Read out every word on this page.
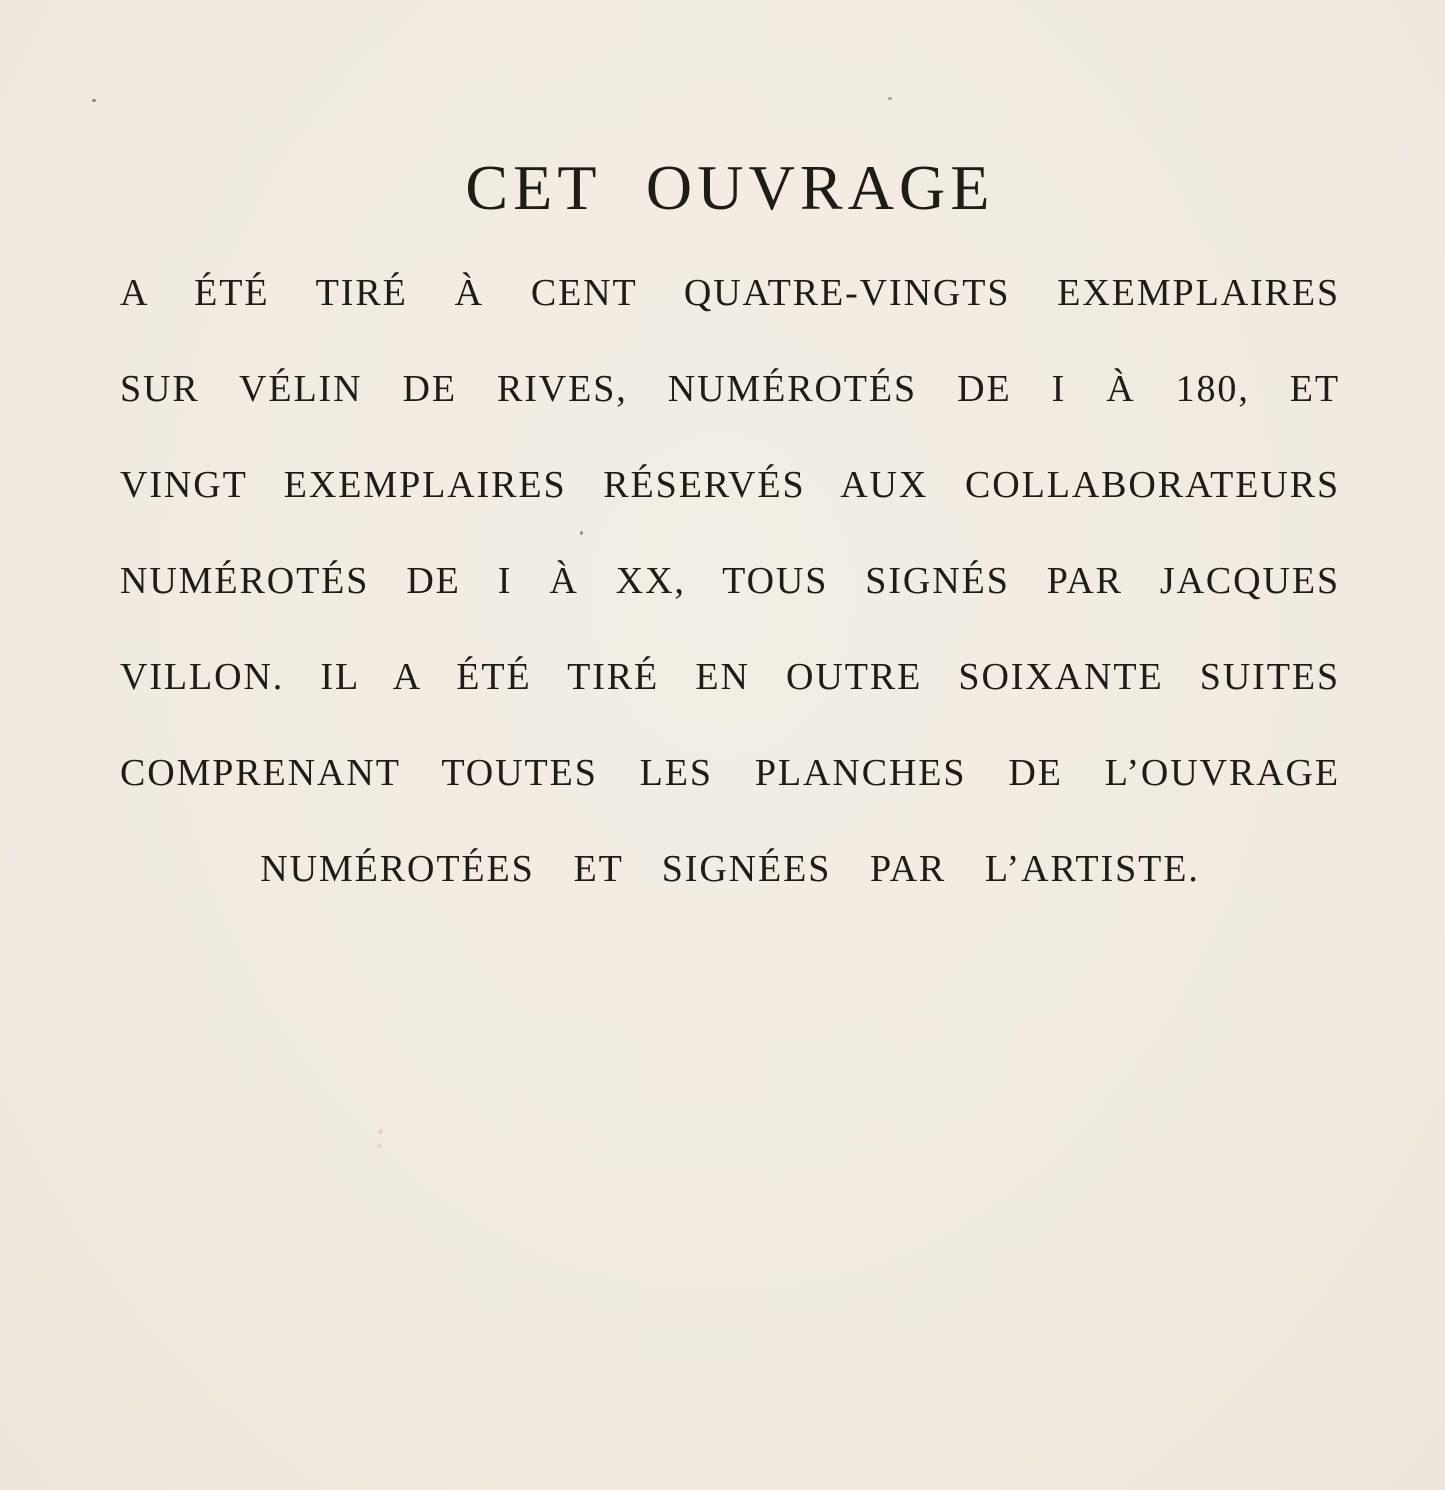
CET OUVRAGE
A ÉTÉ TIRÉ À CENT QUATRE-VINGTS EXEMPLAIRES
SUR VÉLIN DE RIVES, NUMÉROTÉS DE I À 180, ET
VINGT EXEMPLAIRES RÉSERVÉS AUX COLLABORATEURS
NUMÉROTÉS DE I À XX, TOUS SIGNÉS PAR JACQUES
VILLON. IL A ÉTÉ TIRÉ EN OUTRE SOIXANTE SUITES
COMPRENANT TOUTES LES PLANCHES DE L’OUVRAGE
NUMÉROTÉES ET SIGNÉES PAR L’ARTISTE.
